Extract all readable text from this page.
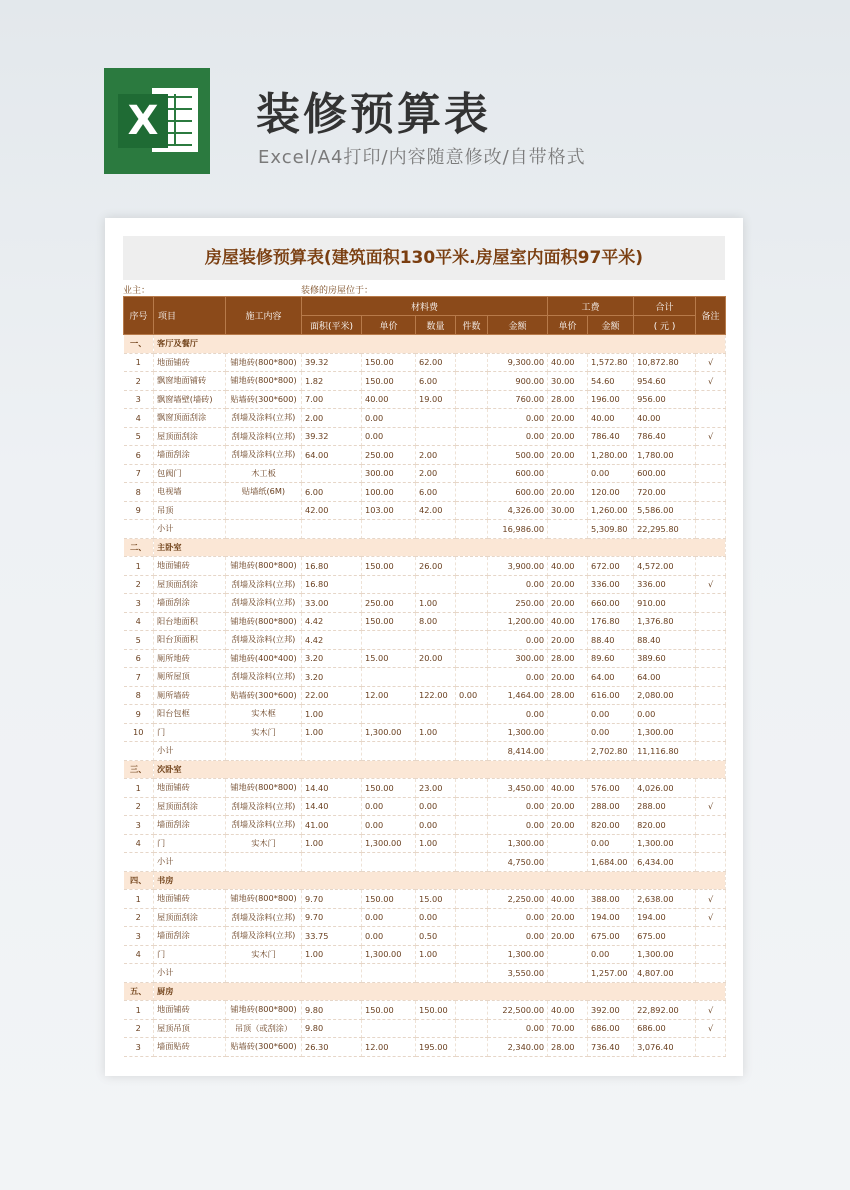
X 装修预算表
Excel/A4打印/内容随意修改/自带格式
房屋装修预算表(建筑面积130平米.房屋室内面积97平米)
业主：	装修的房屋位于：
序号	项目	施工内容	材料费					工费		合计	备注
			面积(平米)	单价	数量	件数	金额	单价	金额	( 元 )	
一、	客厅及餐厅										
1	地面铺砖	铺地砖(800*800)	39.32	150.00	62.00		9,300.00	40.00	1,572.80	10,872.80	√
2	飘窗地面铺砖	铺地砖(800*800)	1.82	150.00	6.00		900.00	30.00	54.60	954.60	√
3	飘窗墙壁(墙砖)	贴墙砖(300*600)	7.00	40.00	19.00		760.00	28.00	196.00	956.00	
4	飘窗顶面刮涂	刮墙及涂料(立邦)	2.00	0.00			0.00	20.00	40.00	40.00	
5	屋顶面刮涂	刮墙及涂料(立邦)	39.32	0.00			0.00	20.00	786.40	786.40	√
6	墙面刮涂	刮墙及涂料(立邦)	64.00	250.00	2.00		500.00	20.00	1,280.00	1,780.00	
7	包阀门	木工板		300.00	2.00		600.00		0.00	600.00	
8	电视墙	贴墙纸(6M)	6.00	100.00	6.00		600.00	20.00	120.00	720.00	
9	吊顶		42.00	103.00	42.00		4,326.00	30.00	1,260.00	5,586.00	
	小计						16,986.00		5,309.80	22,295.80	
二、	主卧室										
1	地面铺砖	铺地砖(800*800)	16.80	150.00	26.00		3,900.00	40.00	672.00	4,572.00	
2	屋顶面刮涂	刮墙及涂料(立邦)	16.80				0.00	20.00	336.00	336.00	√
3	墙面刮涂	刮墙及涂料(立邦)	33.00	250.00	1.00		250.00	20.00	660.00	910.00	
4	阳台地面积	铺地砖(800*800)	4.42	150.00	8.00		1,200.00	40.00	176.80	1,376.80	
5	阳台顶面积	刮墙及涂料(立邦)	4.42				0.00	20.00	88.40	88.40	
6	厕所地砖	铺地砖(400*400)	3.20	15.00	20.00		300.00	28.00	89.60	389.60	
7	厕所屋顶	刮墙及涂料(立邦)	3.20				0.00	20.00	64.00	64.00	
8	厕所墙砖	贴墙砖(300*600)	22.00	12.00	122.00	0.00	1,464.00	28.00	616.00	2,080.00	
9	阳台包框	实木框	1.00				0.00		0.00	0.00	
10	门	实木门	1.00	1,300.00	1.00		1,300.00		0.00	1,300.00	
	小计						8,414.00		2,702.80	11,116.80	
三、	次卧室										
1	地面铺砖	铺地砖(800*800)	14.40	150.00	23.00		3,450.00	40.00	576.00	4,026.00	
2	屋顶面刮涂	刮墙及涂料(立邦)	14.40	0.00	0.00		0.00	20.00	288.00	288.00	√
3	墙面刮涂	刮墙及涂料(立邦)	41.00	0.00	0.00		0.00	20.00	820.00	820.00	
4	门	实木门	1.00	1,300.00	1.00		1,300.00		0.00	1,300.00	
	小计						4,750.00		1,684.00	6,434.00	
四、	书房										
1	地面铺砖	铺地砖(800*800)	9.70	150.00	15.00		2,250.00	40.00	388.00	2,638.00	√
2	屋顶面刮涂	刮墙及涂料(立邦)	9.70	0.00	0.00		0.00	20.00	194.00	194.00	√
3	墙面刮涂	刮墙及涂料(立邦)	33.75	0.00	0.50		0.00	20.00	675.00	675.00	
4	门	实木门	1.00	1,300.00	1.00		1,300.00		0.00	1,300.00	
	小计						3,550.00		1,257.00	4,807.00	
五、	厨房										
1	地面铺砖	铺地砖(800*800)	9.80	150.00	150.00		22,500.00	40.00	392.00	22,892.00	√
2	屋顶吊顶	吊顶（或刮涂）	9.80				0.00	70.00	686.00	686.00	√
3	墙面贴砖	贴墙砖(300*600)	26.30	12.00	195.00		2,340.00	28.00	736.40	3,076.40	
